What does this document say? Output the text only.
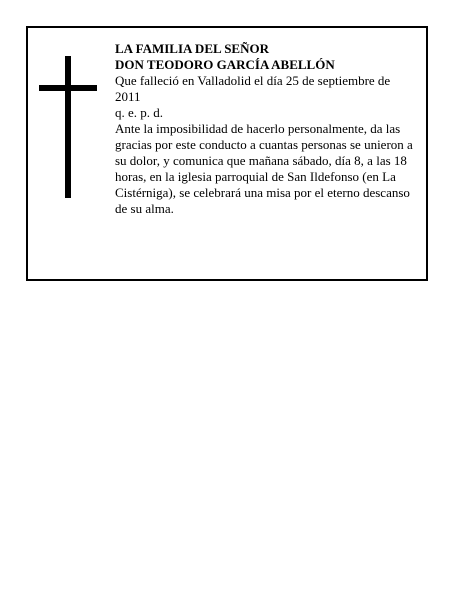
LA FAMILIA DEL SEÑOR
DON TEODORO GARCÍA ABELLÓN

Que falleció en Valladolid el día 25 de septiembre de 2011

q. e. p. d.

Ante la imposibilidad de hacerlo personalmente, da las gracias por este conducto a cuantas personas se unieron a su dolor, y comunica que mañana sábado, día 8, a las 18 horas, en la iglesia parroquial de San Ildefonso (en La Cistérniga), se celebrará una misa por el eterno descanso de su alma.
